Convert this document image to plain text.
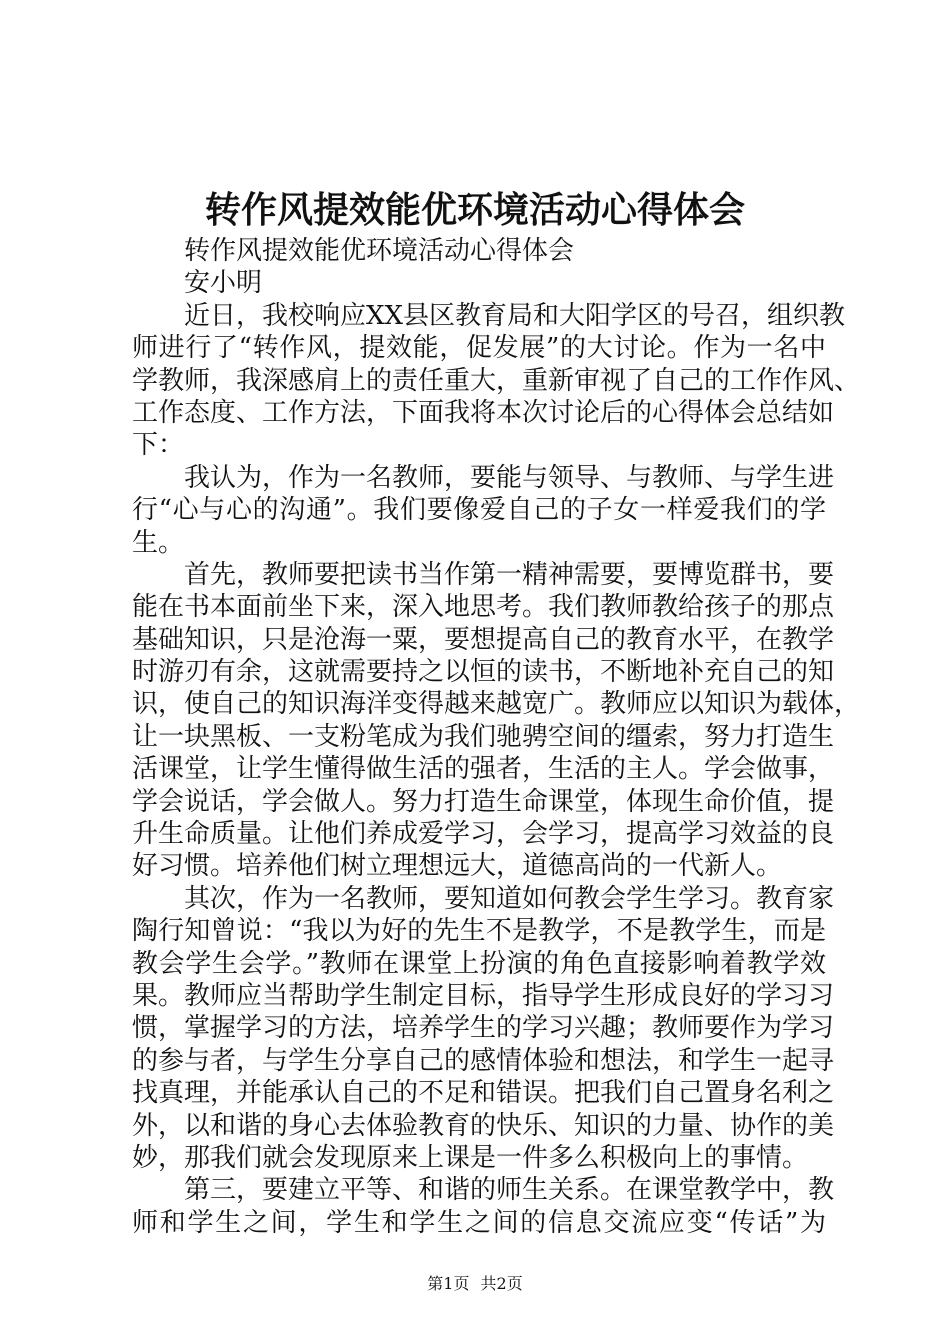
转作风提效能优环境活动心得体会
转作风提效能优环境活动心得体会
安小明
近日，我校响应XX县区教育局和大阳学区的号召，组织教
师进行了“转作风，提效能，促发展”的大讨论。作为一名中
学教师，我深感肩上的责任重大，重新审视了自己的工作作风、
工作态度、工作方法，下面我将本次讨论后的心得体会总结如
下：
我认为，作为一名教师，要能与领导、与教师、与学生进
行“心与心的沟通”。我们要像爱自己的子女一样爱我们的学
生。
首先，教师要把读书当作第一精神需要，要博览群书，要
能在书本面前坐下来，深入地思考。我们教师教给孩子的那点
基础知识，只是沧海一粟，要想提高自己的教育水平，在教学
时游刃有余，这就需要持之以恒的读书，不断地补充自己的知
识，使自己的知识海洋变得越来越宽广。教师应以知识为载体，
让一块黑板、一支粉笔成为我们驰骋空间的缰索，努力打造生
活课堂，让学生懂得做生活的强者，生活的主人。学会做事，
学会说话，学会做人。努力打造生命课堂，体现生命价值，提
升生命质量。让他们养成爱学习，会学习，提高学习效益的良
好习惯。培养他们树立理想远大，道德高尚的一代新人。
其次，作为一名教师，要知道如何教会学生学习。教育家
陶行知曾说：“我以为好的先生不是教学，不是教学生，而是
教会学生会学。”教师在课堂上扮演的角色直接影响着教学效
果。教师应当帮助学生制定目标，指导学生形成良好的学习习
惯，掌握学习的方法，培养学生的学习兴趣；教师要作为学习
的参与者，与学生分享自己的感情体验和想法，和学生一起寻
找真理，并能承认自己的不足和错误。把我们自己置身名利之
外，以和谐的身心去体验教育的快乐、知识的力量、协作的美
妙，那我们就会发现原来上课是一件多么积极向上的事情。
第三，要建立平等、和谐的师生关系。在课堂教学中，教
师和学生之间，学生和学生之间的信息交流应变“传话”为
第1页 共2页
